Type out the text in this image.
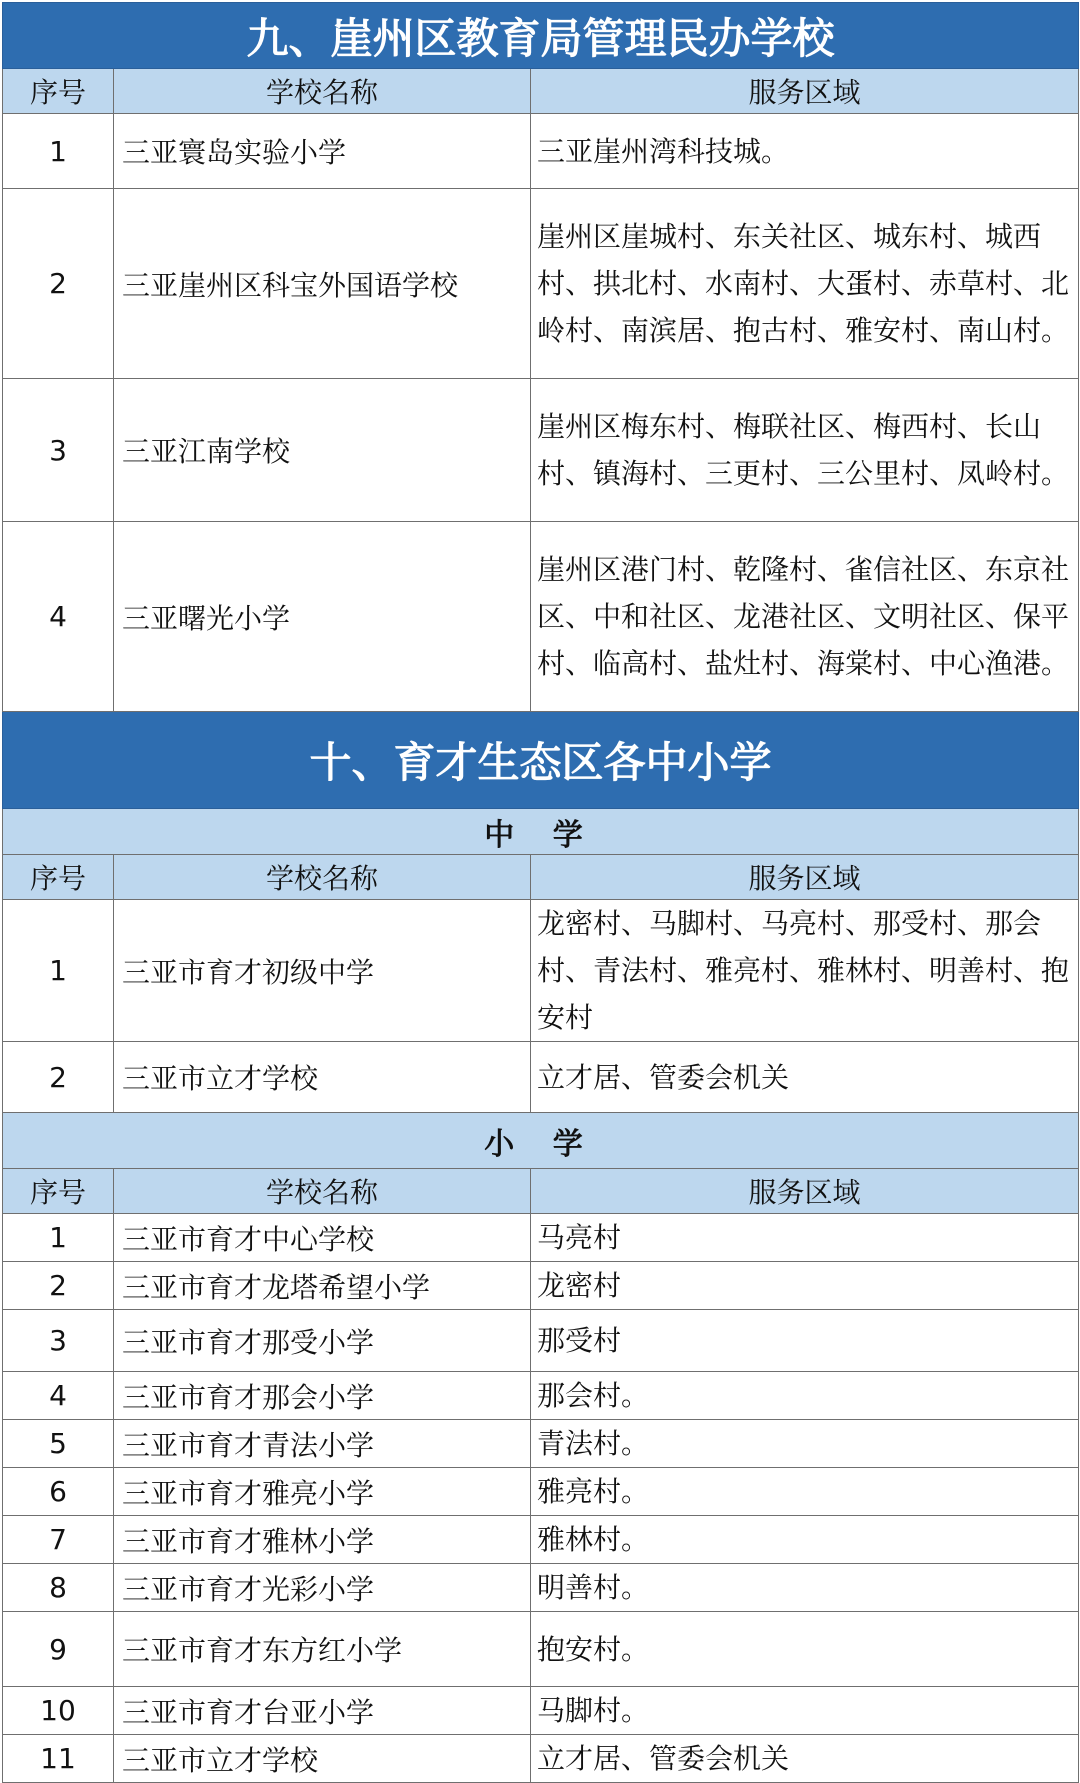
九、崖州区教育局管理民办学校		
序号	学校名称	服务区域
1	三亚寰岛实验小学	三亚崖州湾科技城。
2	三亚崖州区科宝外国语学校	崖州区崖城村、东关社区、城东村、城西村、拱北村、水南村、大蛋村、赤草村、北岭村、南滨居、抱古村、雅安村、南山村。
3	三亚江南学校	崖州区梅东村、梅联社区、梅西村、长山村、镇海村、三更村、三公里村、凤岭村。
4	三亚曙光小学	崖州区港门村、乾隆村、雀信社区、东京社区、中和社区、龙港社区、文明社区、保平村、临高村、盐灶村、海棠村、中心渔港。
十、育才生态区各中小学		
中 学		
序号	学校名称	服务区域
1	三亚市育才初级中学	龙密村、马脚村、马亮村、那受村、那会村、青法村、雅亮村、雅林村、明善村、抱安村
2	三亚市立才学校	立才居、管委会机关
小 学		
序号	学校名称	服务区域
1	三亚市育才中心学校	马亮村
2	三亚市育才龙塔希望小学	龙密村
3	三亚市育才那受小学	那受村
4	三亚市育才那会小学	那会村。
5	三亚市育才青法小学	青法村。
6	三亚市育才雅亮小学	雅亮村。
7	三亚市育才雅林小学	雅林村。
8	三亚市育才光彩小学	明善村。
9	三亚市育才东方红小学	抱安村。
10	三亚市育才台亚小学	马脚村。
11	三亚市立才学校	立才居、管委会机关
